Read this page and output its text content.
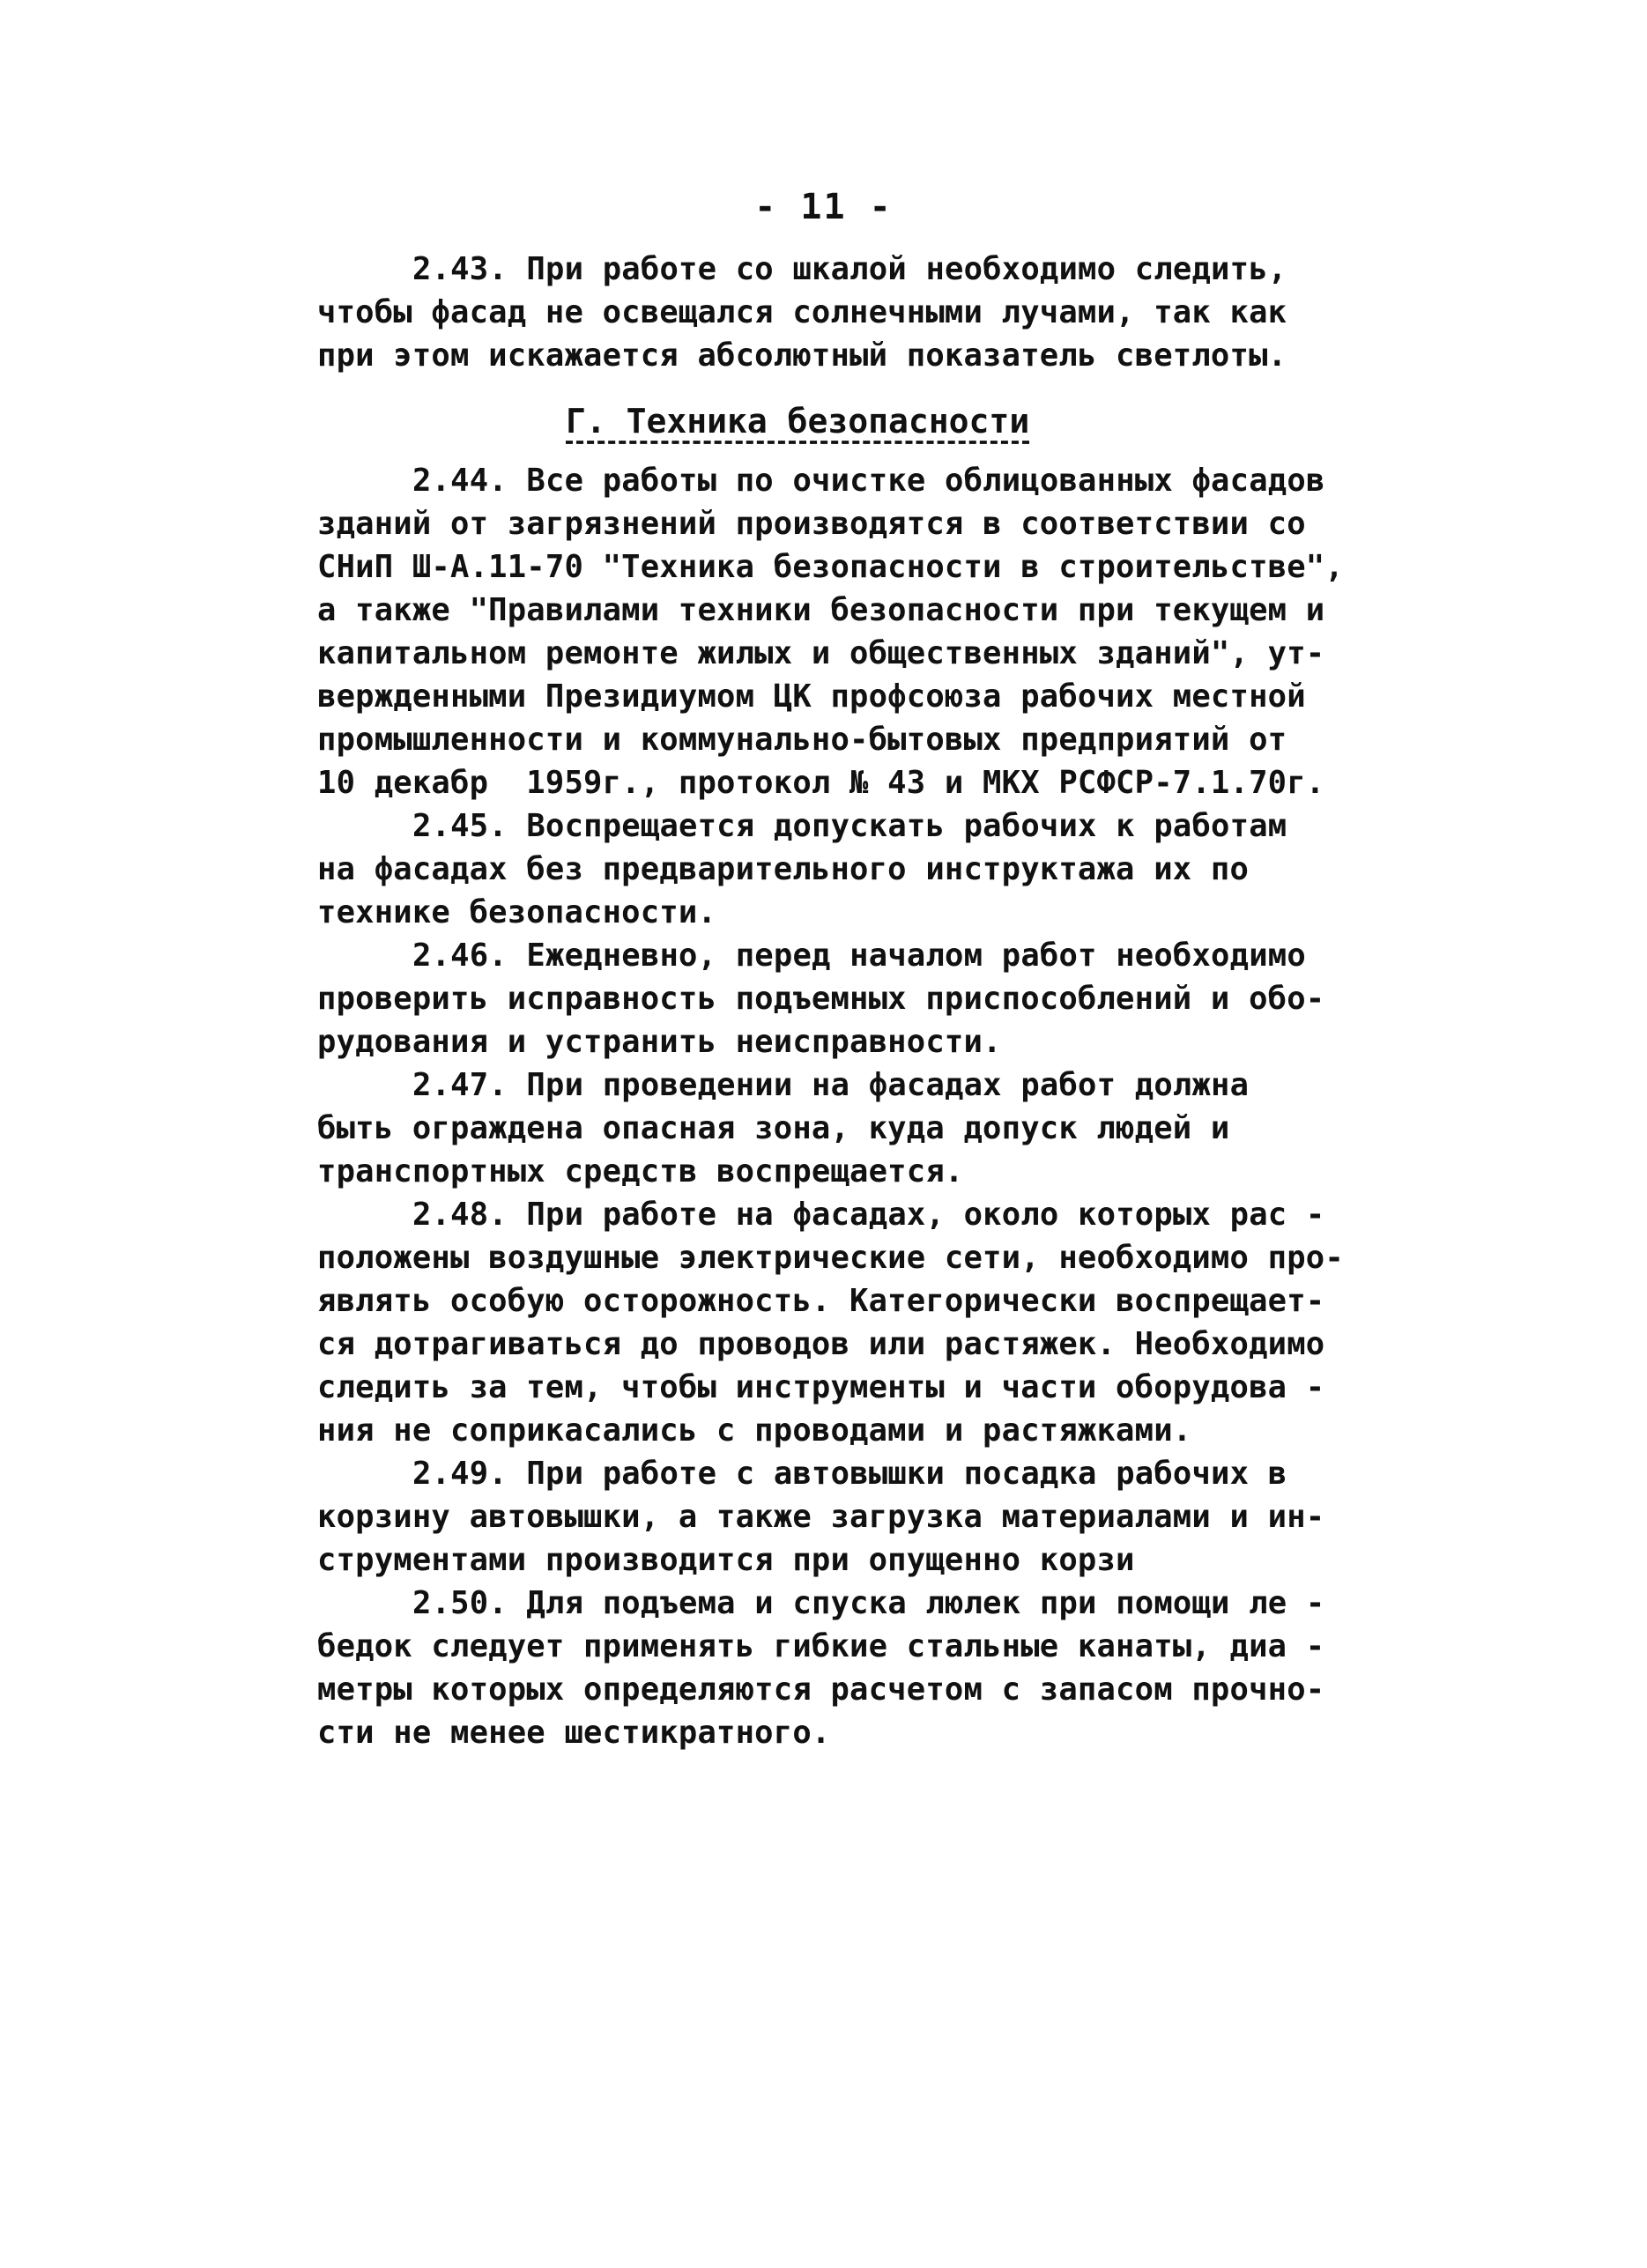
- 11 -
2.43. При работе со шкалой необходимо следить,
чтобы фасад не освещался солнечными лучами, так как
при этом искажается абсолютный показатель светлоты.
Г. Техника безопасности
2.44. Все работы по очистке облицованных фасадов
зданий от загрязнений производятся в соответствии со
СНиП Ш-А.11-70 "Техника безопасности в строительстве",
а также "Правилами техники безопасности при текущем и
капитальном ремонте жилых и общественных зданий", ут-
вержденными Президиумом ЦК профсоюза рабочих местной
промышленности и коммунально-бытовых предприятий от
10 декабр  1959г., протокол № 43 и МКХ РСФСР-7.1.70г.
2.45. Воспрещается допускать рабочих к работам
на фасадах без предварительного инструктажа их по
технике безопасности.
2.46. Ежедневно, перед началом работ необходимо
проверить исправность подъемных приспособлений и обо-
рудования и устранить неисправности.
2.47. При проведении на фасадах работ должна
быть ограждена опасная зона, куда допуск людей и
транспортных средств воспрещается.
2.48. При работе на фасадах, около которых рас -
положены воздушные электрические сети, необходимо про-
являть особую осторожность. Категорически воспрещает-
ся дотрагиваться до проводов или растяжек. Необходимо
следить за тем, чтобы инструменты и части оборудова -
ния не соприкасались с проводами и растяжками.
2.49. При работе с автовышки посадка рабочих в
корзину автовышки, а также загрузка материалами и ин-
струментами производится при опущенно корзи
2.50. Для подъема и спуска люлек при помощи ле -
бедок следует применять гибкие стальные канаты, диа -
метры которых определяются расчетом с запасом прочно-
сти не менее шестикратного.
